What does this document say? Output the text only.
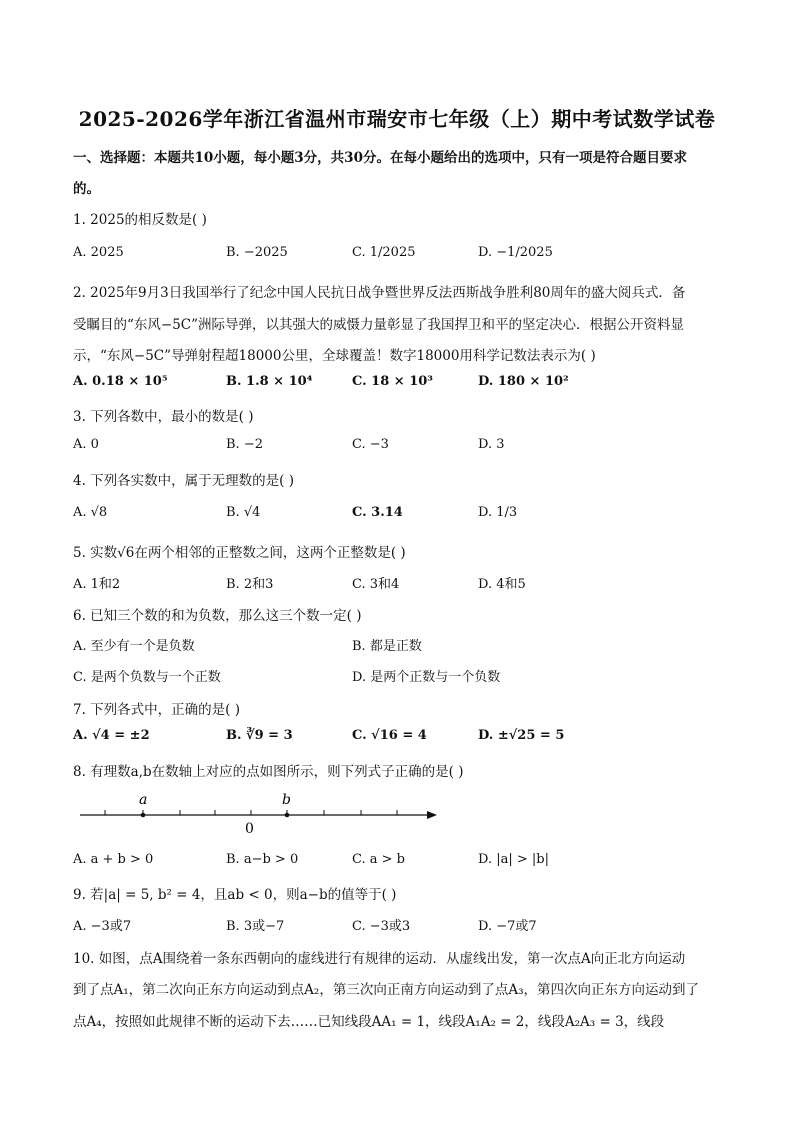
2025-2026学年浙江省温州市瑞安市七年级（上）期中考试数学试卷
一、选择题：本题共10小题，每小题3分，共30分。在每小题给出的选项中，只有一项是符合题目要求
的。
1. 2025的相反数是( )
A. 2025	B. −2025	C. 1/2025	D. −1/2025
2. 2025年9月3日我国举行了纪念中国人民抗日战争暨世界反法西斯战争胜利80周年的盛大阅兵式．备
受瞩目的“东风−5C”洲际导弹，以其强大的威慑力量彰显了我国捍卫和平的坚定决心．根据公开资料显
示，“东风−5C”导弹射程超18000公里，全球覆盖！数字18000用科学记数法表示为( )
A. 0.18 × 10⁵	B. 1.8 × 10⁴	C. 18 × 10³	D. 180 × 10²
3. 下列各数中，最小的数是( )
A. 0	B. −2	C. −3	D. 3
4. 下列各实数中，属于无理数的是( )
A. √8	B. √4	C. 3.14	D. 1/3
5. 实数√6在两个相邻的正整数之间，这两个正整数是( )
A. 1和2	B. 2和3	C. 3和4	D. 4和5
6. 已知三个数的和为负数，那么这三个数一定( )
A. 至少有一个是负数	B. 都是正数
C. 是两个负数与一个正数	D. 是两个正数与一个负数
7. 下列各式中，正确的是( )
A. √4 = ±2	B. ∛9 = 3	C. √16 = 4	D. ±√25 = 5
8. 有理数a,b在数轴上对应的点如图所示，则下列式子正确的是( )
a	b
0
A. a + b > 0	B. a−b > 0	C. a > b	D. |a| > |b|
9. 若|a| = 5, b² = 4，且ab < 0，则a−b的值等于( )
A. −3或7	B. 3或−7	C. −3或3	D. −7或7
10. 如图，点A围绕着一条东西朝向的虚线进行有规律的运动．从虚线出发，第一次点A向正北方向运动
到了点A₁，第二次向正东方向运动到点A₂，第三次向正南方向运动到了点A₃，第四次向正东方向运动到了
点A₄，按照如此规律不断的运动下去……已知线段AA₁ = 1，线段A₁A₂ = 2，线段A₂A₃ = 3，线段
